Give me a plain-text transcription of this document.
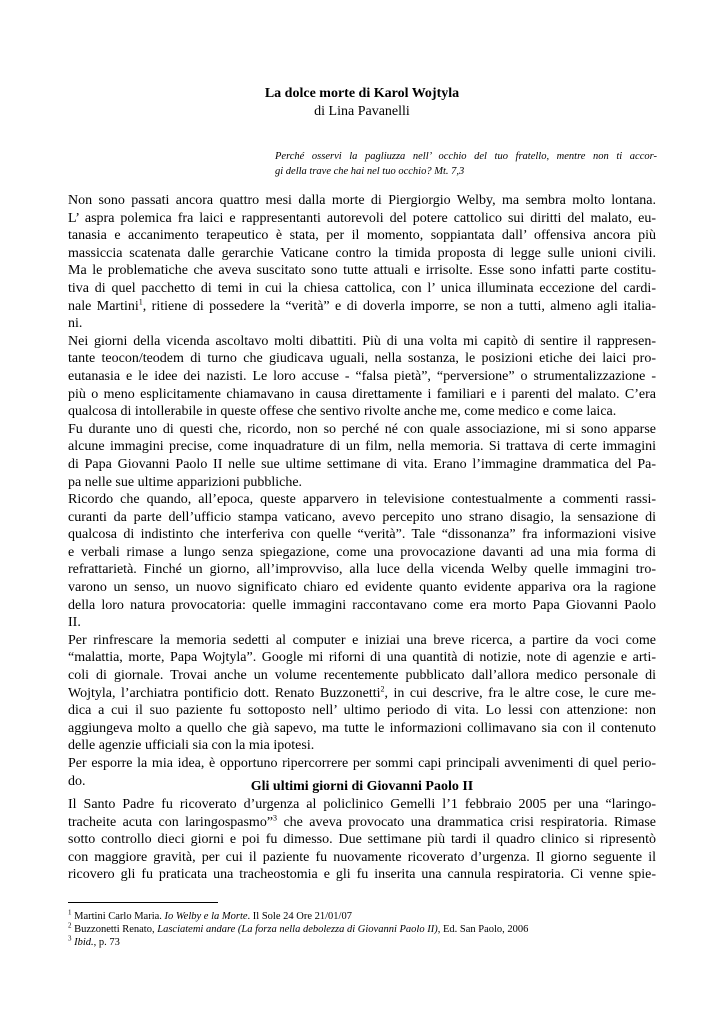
La dolce morte di Karol Wojtyla
di Lina Pavanelli
Perché osservi la pagliuzza nell’ occhio del tuo fratello, mentre non ti accor-
gi della trave che hai nel tuo occhio? Mt. 7,3
Non sono passati ancora quattro mesi dalla morte di Piergiorgio Welby, ma sembra molto lontana.
L’ aspra polemica fra laici e rappresentanti autorevoli del potere cattolico sui diritti del malato, eu-
tanasia e accanimento terapeutico è stata, per il momento, soppiantata dall’ offensiva ancora più
massiccia scatenata dalle gerarchie Vaticane contro la timida proposta di legge sulle unioni civili.
Ma le problematiche che aveva suscitato sono tutte attuali e irrisolte. Esse sono infatti parte costitu-
tiva di quel pacchetto di temi in cui la chiesa cattolica, con l’ unica illuminata eccezione del cardi-
nale Martini$^1$, ritiene di possedere la “verità” e di doverla imporre, se non a tutti, almeno agli italia-
ni.
Nei giorni della vicenda ascoltavo molti dibattiti. Più di una volta mi capitò di sentire il rappresen-
tante teocon/teodem di turno che giudicava uguali, nella sostanza, le posizioni etiche dei laici pro-
eutanasia e le idee dei nazisti. Le loro accuse - “falsa pietà”, “perversione” o strumentalizzazione -
più o meno esplicitamente chiamavano in causa direttamente i familiari e i parenti del malato. C’era
qualcosa di intollerabile in queste offese che sentivo rivolte anche me, come medico e come laica.
Fu durante uno di questi che, ricordo, non so perché né con quale associazione, mi si sono apparse
alcune immagini precise, come inquadrature di un film, nella memoria. Si trattava di certe immagini
di Papa Giovanni Paolo II nelle sue ultime settimane di vita. Erano l’immagine drammatica del Pa-
pa nelle sue ultime apparizioni pubbliche.
Ricordo che quando, all’epoca, queste apparvero in televisione contestualmente a commenti rassi-
curanti da parte dell’ufficio stampa vaticano, avevo percepito uno strano disagio, la sensazione di
qualcosa di indistinto che interferiva con quelle “verità”. Tale “dissonanza” fra informazioni visive
e verbali rimase a lungo senza spiegazione, come una provocazione davanti ad una mia forma di
refrattarietà. Finché un giorno, all’improvviso, alla luce della vicenda Welby quelle immagini tro-
varono un senso, un nuovo significato chiaro ed evidente quanto evidente appariva ora la ragione
della loro natura provocatoria: quelle immagini raccontavano come era morto Papa Giovanni Paolo
II.
Per rinfrescare la memoria sedetti al computer e iniziai una breve ricerca, a partire da voci come
“malattia, morte, Papa Wojtyla”. Google mi riforni di una quantità di notizie, note di agenzie e arti-
coli di giornale. Trovai anche un volume recentemente pubblicato dall’allora medico personale di
Wojtyla, l’archiatra pontificio dott. Renato Buzzonetti$^2$, in cui descrive, fra le altre cose, le cure me-
dica a cui il suo paziente fu sottoposto nell’ ultimo periodo di vita. Lo lessi con attenzione: non
aggiungeva molto a quello che già sapevo, ma tutte le informazioni collimavano sia con il contenuto
delle agenzie ufficiali sia con la mia ipotesi.
Per esporre la mia idea, è opportuno ripercorrere per sommi capi principali avvenimenti di quel perio-
do.	Gli ultimi giorni di Giovanni Paolo II
Il Santo Padre fu ricoverato d’urgenza al policlinico Gemelli l’1 febbraio 2005 per una “laringo-
tracheite acuta con laringospasmo”$^3$ che aveva provocato una drammatica crisi respiratoria. Rimase
sotto controllo dieci giorni e poi fu dimesso. Due settimane più tardi il quadro clinico si ripresentò
con maggiore gravità, per cui il paziente fu nuovamente ricoverato d’urgenza. Il giorno seguente il
ricovero gli fu praticata una tracheostomia e gli fu inserita una cannula respiratoria. Ci venne spie-
$^1$ Martini Carlo Maria. Io Welby e la Morte. Il Sole 24 Ore 21/01/07
$^2$ Buzzonetti Renato, Lasciatemi andare (La forza nella debolezza di Giovanni Paolo II), Ed. San Paolo, 2006
$^3$ Ibid., p. 73
